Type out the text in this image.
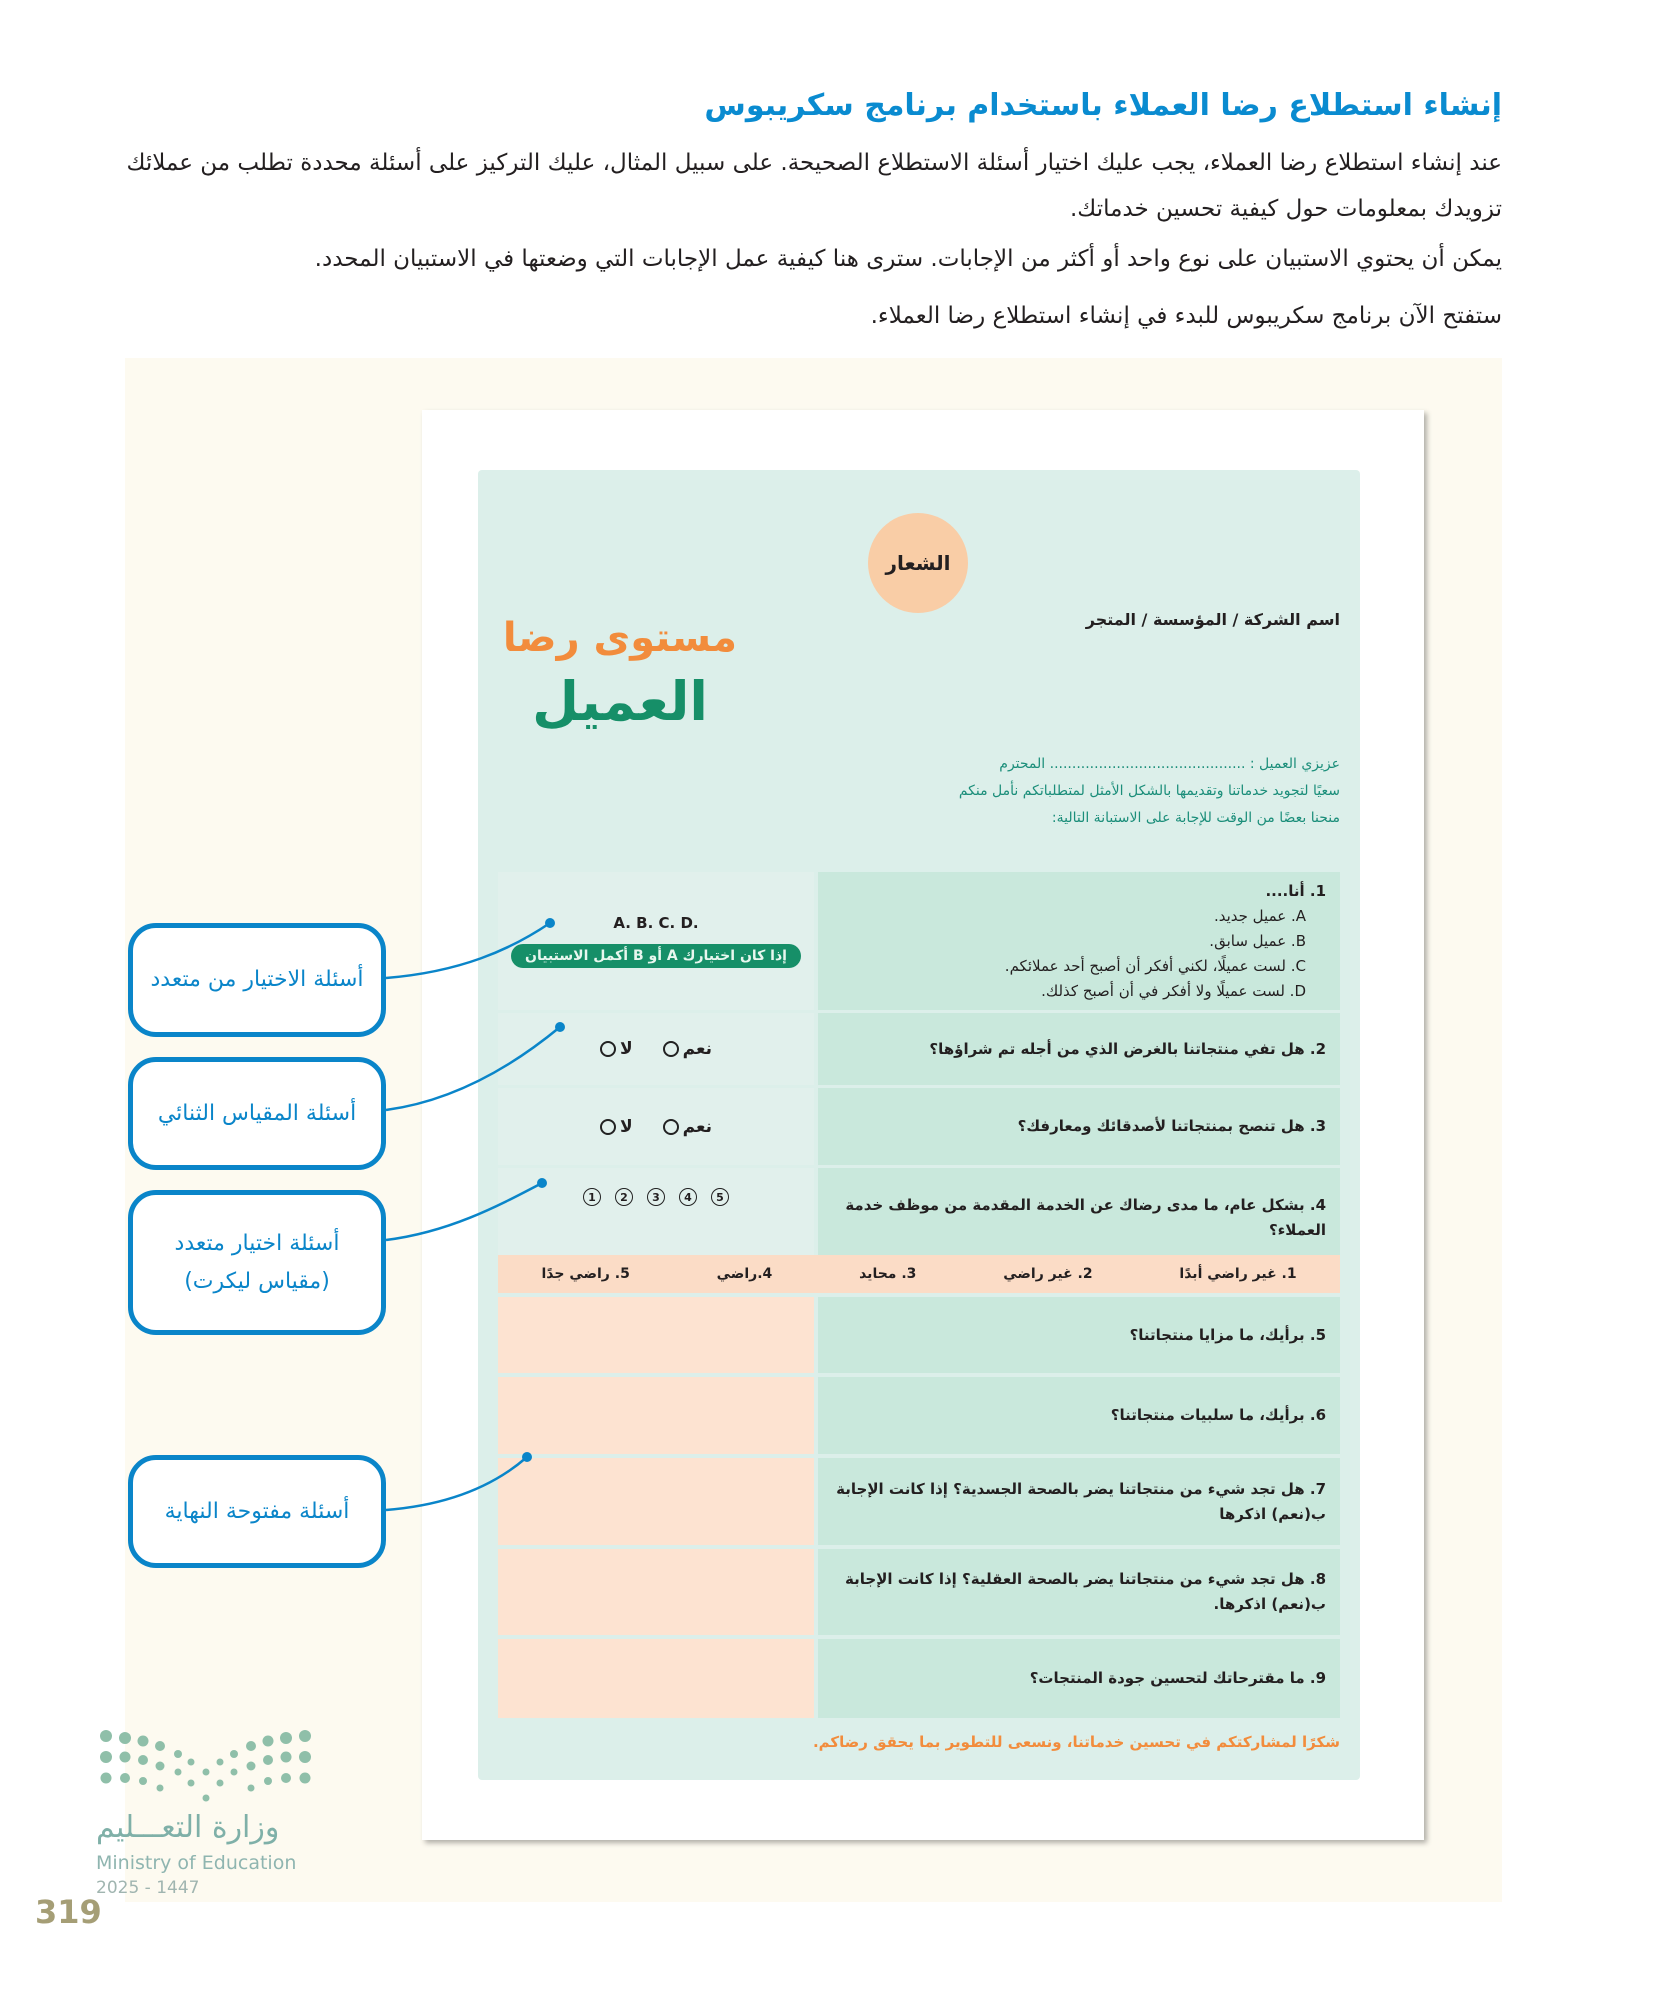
إنشاء استطلاع رضا العملاء باستخدام برنامج سكريبوس
عند إنشاء استطلاع رضا العملاء، يجب عليك اختيار أسئلة الاستطلاع الصحيحة. على سبيل المثال، عليك التركيز على أسئلة محددة تطلب من عملائك تزويدك بمعلومات حول كيفية تحسين خدماتك.
يمكن أن يحتوي الاستبيان على نوع واحد أو أكثر من الإجابات. سترى هنا كيفية عمل الإجابات التي وضعتها في الاستبيان المحدد.
ستفتح الآن برنامج سكريبوس للبدء في إنشاء استطلاع رضا العملاء.
الشعار
اسم الشركة / المؤسسة / المتجر
مستوى رضا
العميل
عزيزي العميل : ............................................ المحترم
سعيًا لتجويد خدماتنا وتقديمها بالشكل الأمثل لمتطلباتكم نأمل منكم
منحنا بعضًا من الوقت للإجابة على الاستبانة التالية:
A. B. C. D.
إذا كان اختيارك A أو B أكمل الاستبيان
1. أنا....
A. عميل جديد.
B. عميل سابق.
C. لست عميلًا، لكني أفكر أن أصبح أحد عملائكم.
D. لست عميلًا ولا أفكر في أن أصبح كذلك.
لا	نعم	2. هل تفي منتجاتنا بالغرض الذي من أجله تم شراؤها؟
لا	نعم	3. هل تنصح بمنتجاتنا لأصدقائك ومعارفك؟
1	2	3	4	5	4. بشكل عام، ما مدى رضاك عن الخدمة المقدمة من موظف خدمة العملاء؟
1. غير راضي أبدًا
2. غير راضي
3. محايد
4.راضي
5. راضي جدًا
5. برأيك، ما مزايا منتجاتنا؟
6. برأيك، ما سلبيات منتجاتنا؟
7. هل تجد شيء من منتجاتنا يضر بالصحة الجسدية؟ إذا كانت الإجابة ب(نعم) اذكرها
8. هل تجد شيء من منتجاتنا يضر بالصحة العقلية؟ إذا كانت الإجابة ب(نعم) اذكرها.
9. ما مقترحاتك لتحسين جودة المنتجات؟
شكرًا لمشاركتكم في تحسين خدماتنا، ونسعى للتطوير بما يحقق رضاكم.
أسئلة الاختيار من متعدد
أسئلة المقياس الثنائي
أسئلة اختيار متعدد (مقياس ليكرت)
أسئلة مفتوحة النهاية
وزارة التعـــليم
Ministry of Education
2025 - 1447
319
